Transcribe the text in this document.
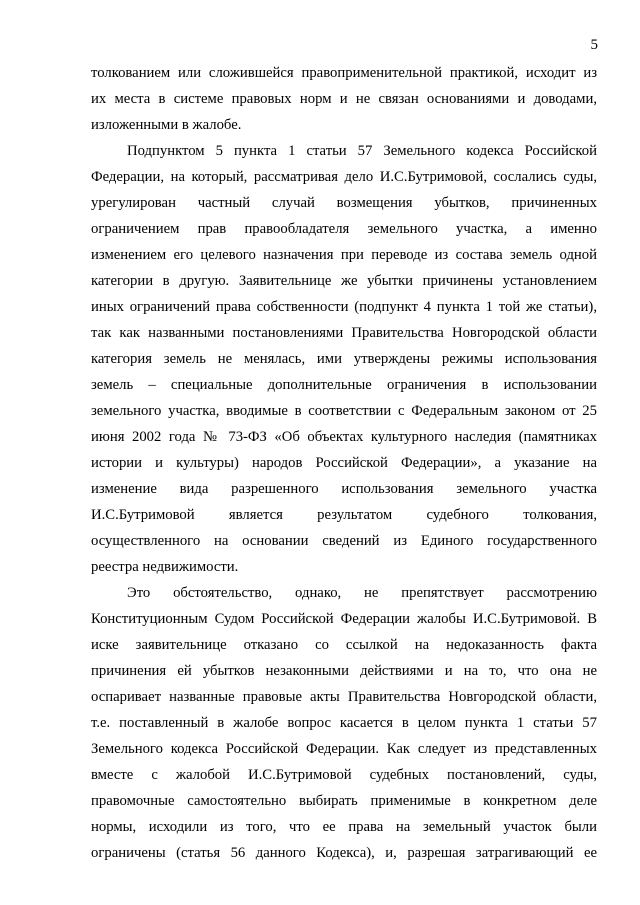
5

толкованием или сложившейся правоприменительной практикой, исходит из
их места в системе правовых норм и не связан основаниями и доводами,
изложенными в жалобе.

Подпунктом 5 пункта 1 статьи 57 Земельного кодекса Российской
Федерации, на который, рассматривая дело И.С.Бутримовой, сослались суды,
урегулирован частный случай возмещения убытков, причиненных
ограничением прав правообладателя земельного участка, а именно
изменением его целевого назначения при переводе из состава земель одной
категории в другую. Заявительнице же убытки причинены установлением
иных ограничений права собственности (подпункт 4 пункта 1 той же статьи),
так как названными постановлениями Правительства Новгородской области
категория земель не менялась, ими утверждены режимы использования
земель – специальные дополнительные ограничения в использовании
земельного участка, вводимые в соответствии с Федеральным законом от 25
июня 2002 года № 73-ФЗ «Об объектах культурного наследия (памятниках
истории и культуры) народов Российской Федерации», а указание на
изменение вида разрешенного использования земельного участка
И.С.Бутримовой является результатом судебного толкования,
осуществленного на основании сведений из Единого государственного
реестра недвижимости.

Это обстоятельство, однако, не препятствует рассмотрению
Конституционным Судом Российской Федерации жалобы И.С.Бутримовой. В
иске заявительнице отказано со ссылкой на недоказанность факта
причинения ей убытков незаконными действиями и на то, что она не
оспаривает названные правовые акты Правительства Новгородской области,
т.е. поставленный в жалобе вопрос касается в целом пункта 1 статьи 57
Земельного кодекса Российской Федерации. Как следует из представленных
вместе с жалобой И.С.Бутримовой судебных постановлений, суды,
правомочные самостоятельно выбирать применимые в конкретном деле
нормы, исходили из того, что ее права на земельный участок были
ограничены (статья 56 данного Кодекса), и, разрешая затрагивающий ее
